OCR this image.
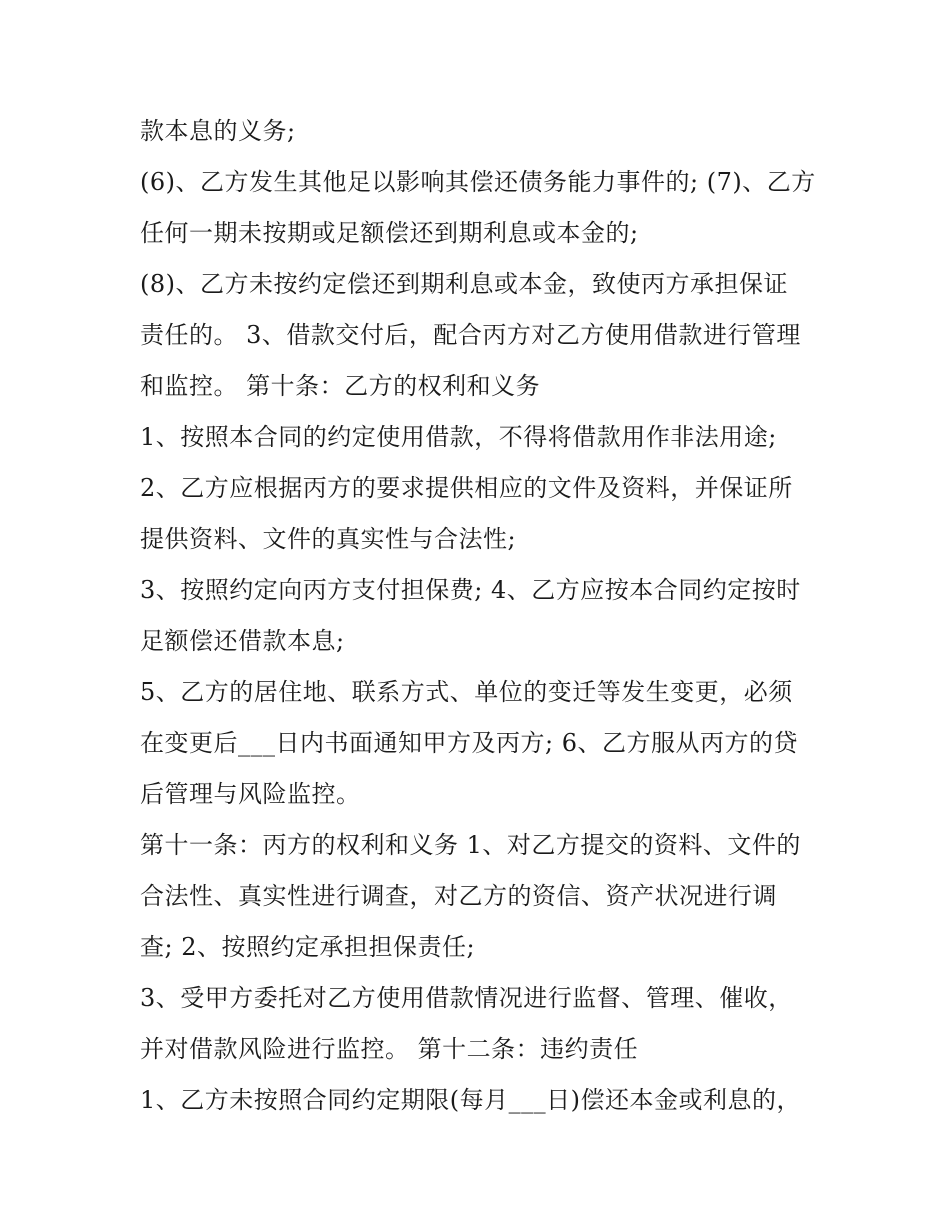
款本息的义务;
(6)、乙方发生其他足以影响其偿还债务能力事件的; (7)、乙方
任何一期未按期或足额偿还到期利息或本金的;
(8)、乙方未按约定偿还到期利息或本金，致使丙方承担保证
责任的。 3、借款交付后，配合丙方对乙方使用借款进行管理
和监控。 第十条：乙方的权利和义务
1、按照本合同的约定使用借款，不得将借款用作非法用途;
2、乙方应根据丙方的要求提供相应的文件及资料，并保证所
提供资料、文件的真实性与合法性;
3、按照约定向丙方支付担保费; 4、乙方应按本合同约定按时
足额偿还借款本息;
5、乙方的居住地、联系方式、单位的变迁等发生变更，必须
在变更后___日内书面通知甲方及丙方; 6、乙方服从丙方的贷
后管理与风险监控。
第十一条：丙方的权利和义务 1、对乙方提交的资料、文件的
合法性、真实性进行调查，对乙方的资信、资产状况进行调
查; 2、按照约定承担担保责任;
3、受甲方委托对乙方使用借款情况进行监督、管理、催收，
并对借款风险进行监控。 第十二条：违约责任
1、乙方未按照合同约定期限(每月___日)偿还本金或利息的，
